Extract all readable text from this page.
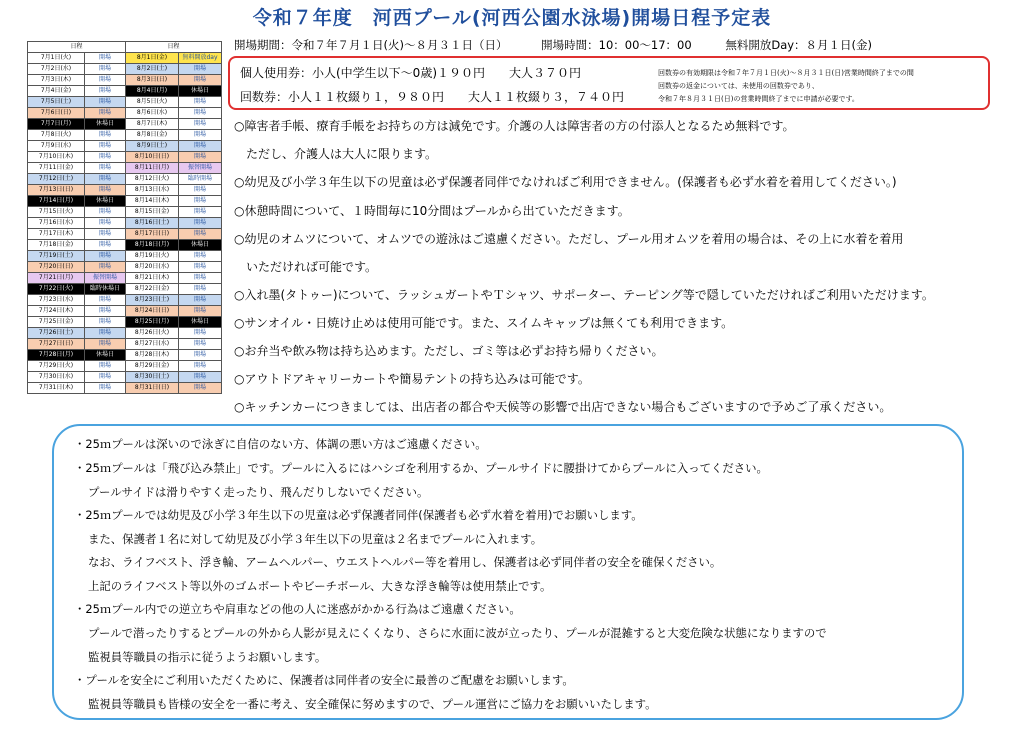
令和７年度　河西プール(河西公園水泳場)開場日程予定表
日程	
7月1日(火)	開場
7月2日(水)	開場
7月3日(木)	開場
7月4日(金)	開場
7月5日(土)	開場
7月6日(日)	開場
7月7日(月)	休場日
7月8日(火)	開場
7月9日(水)	開場
7月10日(木)	開場
7月11日(金)	開場
7月12日(土)	開場
7月13日(日)	開場
7月14日(月)	休場日
7月15日(火)	開場
7月16日(水)	開場
7月17日(木)	開場
7月18日(金)	開場
7月19日(土)	開場
7月20日(日)	開場
7月21日(月)	振替開場
7月22日(火)	臨時休場日
7月23日(水)	開場
7月24日(木)	開場
7月25日(金)	開場
7月26日(土)	開場
7月27日(日)	開場
7月28日(月)	休場日
7月29日(火)	開場
7月30日(水)	開場
7月31日(木)	開場
日程	
8月1日(金)	無料開放day
8月2日(土)	開場
8月3日(日)	開場
8月4日(月)	休場日
8月5日(火)	開場
8月6日(水)	開場
8月7日(木)	開場
8月8日(金)	開場
8月9日(土)	開場
8月10日(日)	開場
8月11日(月)	振替開場
8月12日(火)	臨時開場
8月13日(水)	開場
8月14日(木)	開場
8月15日(金)	開場
8月16日(土)	開場
8月17日(日)	開場
8月18日(月)	休場日
8月19日(火)	開場
8月20日(水)	開場
8月21日(木)	開場
8月22日(金)	開場
8月23日(土)	開場
8月24日(日)	開場
8月25日(月)	休場日
8月26日(火)	開場
8月27日(水)	開場
8月28日(木)	開場
8月29日(金)	開場
8月30日(土)	開場
8月31日(日)	開場
開場期間：令和７年７月１日(火)～８月３１日（日）	開場時間：10：00～17：00	無料開放Day：８月１日(金)
個人使用券：小人(中学生以下～0歳)１９０円　　大人３７０円
回数券：小人１１枚綴り１，９８０円　　大人１１枚綴り３，７４０円
回数券の有効期限は令和７年７月１日(火)～８月３１日(日)営業時間終了までの間
回数券の返金については、未使用の回数券であり、
令和７年８月３１日(日)の営業時間終了までに申請が必要です。
○障害者手帳、療育手帳をお持ちの方は減免です。介護の人は障害者の方の付添人となるため無料です。
　ただし、介護人は大人に限ります。
○幼児及び小学３年生以下の児童は必ず保護者同伴でなければご利用できません。(保護者も必ず水着を着用してください。)
○休憩時間について、１時間毎に10分間はプールから出ていただきます。
○幼児のオムツについて、オムツでの遊泳はご遠慮ください。ただし、プール用オムツを着用の場合は、その上に水着を着用
　いただければ可能です。
○入れ墨(タトゥー)について、ラッシュガートやＴシャツ、サポーター、テーピング等で隠していただければご利用いただけます。
○サンオイル・日焼け止めは使用可能です。また、スイムキャップは無くても利用できます。
○お弁当や飲み物は持ち込めます。ただし、ゴミ等は必ずお持ち帰りください。
○アウトドアキャリーカートや簡易テントの持ち込みは可能です。
○キッチンカーにつきましては、出店者の都合や天候等の影響で出店できない場合もございますので予めご了承ください。
・25ｍプールは深いので泳ぎに自信のない方、体調の悪い方はご遠慮ください。
・25ｍプールは「飛び込み禁止」です。プールに入るにはハシゴを利用するか、プールサイドに腰掛けてからプールに入ってください。
プールサイドは滑りやすく走ったり、飛んだりしないでください。
・25ｍプールでは幼児及び小学３年生以下の児童は必ず保護者同伴(保護者も必ず水着を着用)でお願いします。
また、保護者１名に対して幼児及び小学３年生以下の児童は２名までプールに入れます。
なお、ライフベスト、浮き輪、アームヘルパー、ウエストヘルパー等を着用し、保護者は必ず同伴者の安全を確保ください。
上記のライフベスト等以外のゴムボートやビーチボール、大きな浮き輪等は使用禁止です。
・25ｍプール内での逆立ちや肩車などの他の人に迷惑がかかる行為はご遠慮ください。
プールで潜ったりするとプールの外から人影が見えにくくなり、さらに水面に波が立ったり、プールが混雑すると大変危険な状態になりますので
監視員等職員の指示に従うようお願いします。
・プールを安全にご利用いただくために、保護者は同伴者の安全に最善のご配慮をお願いします。
監視員等職員も皆様の安全を一番に考え、安全確保に努めますので、プール運営にご協力をお願いいたします。
